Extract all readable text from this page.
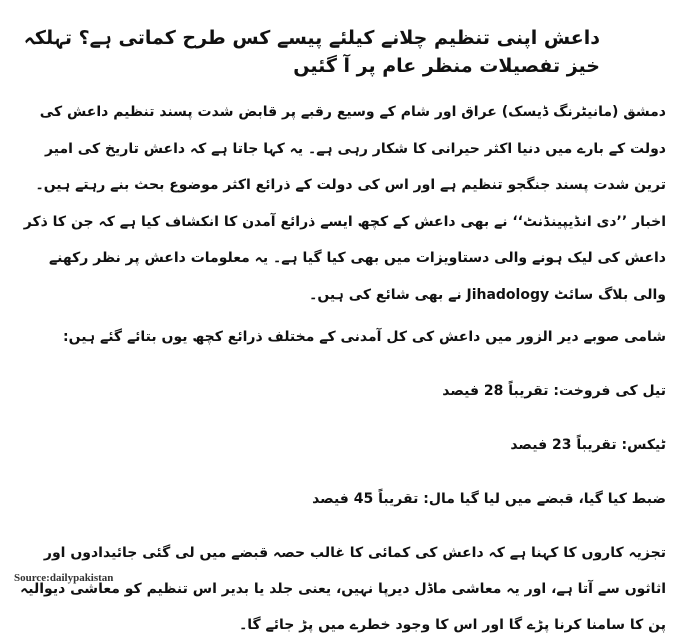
داعش اپنی تنظیم چلانے کیلئے پیسے کس طرح کماتی ہے؟ تہلکہ خیز تفصیلات منظر عام پر آ گئیں

دمشق (مانیٹرنگ ڈیسک) عراق اور شام کے وسیع رقبے پر قابض شدت پسند تنظیم داعش کی دولت کے بارے میں دنیا اکثر حیرانی کا شکار رہی ہے۔ یہ کہا جاتا ہے کہ داعش تاریخ کی امیر ترین شدت پسند جنگجو تنظیم ہے اور اس کی دولت کے ذرائع اکثر موضوع بحث بنے رہتے ہیں۔ اخبار ’’دی انڈیپینڈنٹ‘‘ نے بھی داعش کے کچھ ایسے ذرائع آمدن کا انکشاف کیا ہے کہ جن کا ذکر داعش کی لیک ہونے والی دستاویزات میں بھی کیا گیا ہے۔ یہ معلومات داعش پر نظر رکھنے والی بلاگ سائٹ Jihadology نے بھی شائع کی ہیں۔

شامی صوبے دیر الزور میں داعش کی کل آمدنی کے مختلف ذرائع کچھ یوں بتائے گئے ہیں:

تیل کی فروخت: تقریباً 28 فیصد

ٹیکس: تقریباً 23 فیصد

ضبط کیا گیا، قبضے میں لیا گیا مال: تقریباً 45 فیصد

تجزیہ کاروں کا کہنا ہے کہ داعش کی کمائی کا غالب حصہ قبضے میں لی گئی جائیدادوں اور اثاثوں سے آتا ہے، اور یہ معاشی ماڈل دیرپا نہیں، یعنی جلد یا بدیر اس تنظیم کو معاشی دیوالیہ پن کا سامنا کرنا پڑے گا اور اس کا وجود خطرے میں پڑ جائے گا۔

Source:dailypakistan
